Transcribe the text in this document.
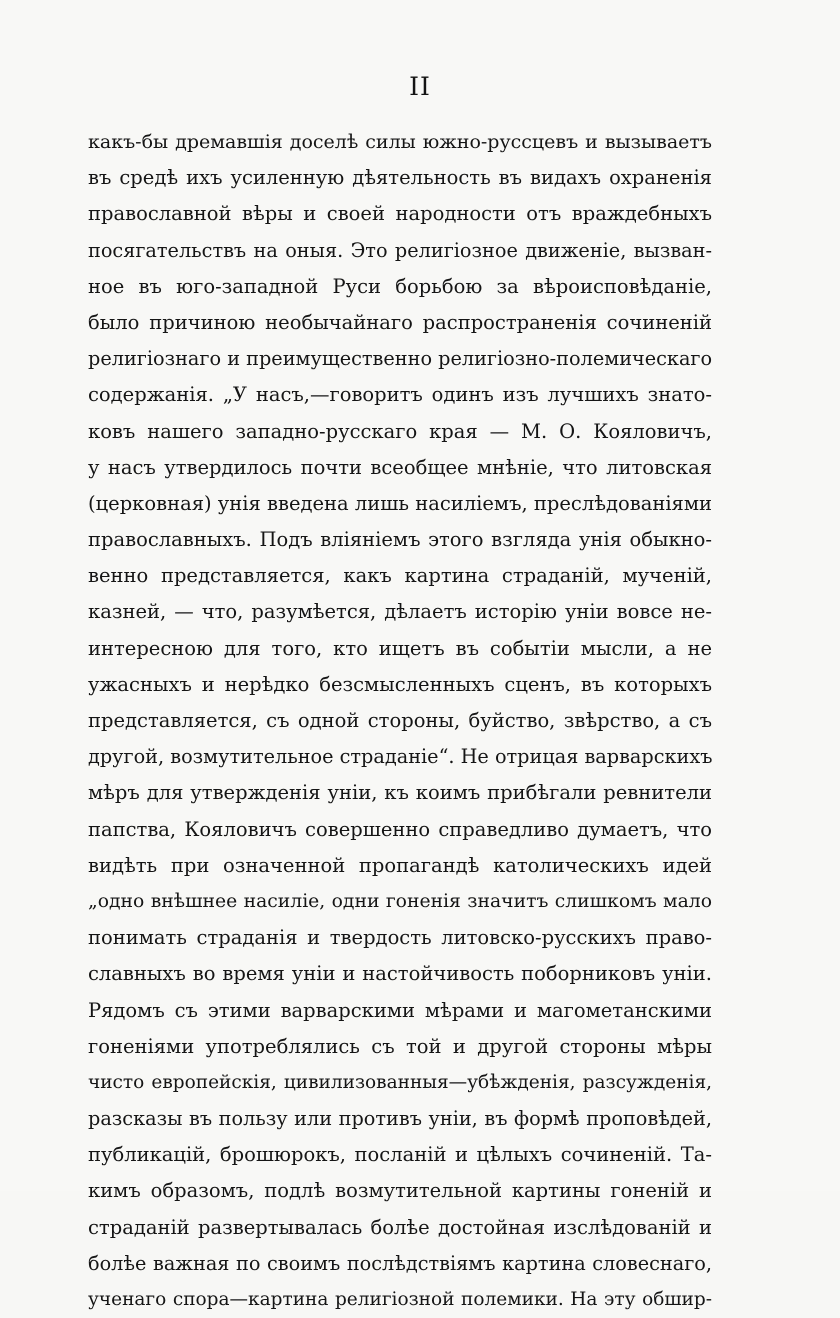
II
какъ-бы дремавшія доселѣ силы южно-руссцевъ и вызываетъ
въ средѣ ихъ усиленную дѣятельность въ видахъ охраненія
православной вѣры и своей народности отъ враждебныхъ
посягательствъ на оныя. Это религіозное движеніе, вызван-
ное въ юго-западной Руси борьбою за вѣроисповѣданіе,
было причиною необычайнаго распространенія сочиненій
религіознаго и преимущественно религіозно-полемическаго
содержанія. „У насъ,—говоритъ одинъ изъ лучшихъ знато-
ковъ нашего западно-русскаго края — М. О. Кояловичъ,
у насъ утвердилось почти всеобщее мнѣніе, что литовская
(церковная) унія введена лишь насиліемъ, преслѣдованіями
православныхъ. Подъ вліяніемъ этого взгляда унія обыкно-
венно представляется, какъ картина страданій, мученій,
казней, — что, разумѣется, дѣлаетъ исторію уніи вовсе не-
интересною для того, кто ищетъ въ событіи мысли, а не
ужасныхъ и нерѣдко безсмысленныхъ сценъ, въ которыхъ
представляется, съ одной стороны, буйство, звѣрство, а съ
другой, возмутительное страданіе“. Не отрицая варварскихъ
мѣръ для утвержденія уніи, къ коимъ прибѣгали ревнители
папства, Кояловичъ совершенно справедливо думаетъ, что
видѣть при означенной пропагандѣ католическихъ идей
„одно внѣшнее насиліе, одни гоненія значитъ слишкомъ мало
понимать страданія и твердость литовско-русскихъ право-
славныхъ во время уніи и настойчивость поборниковъ уніи.
Рядомъ съ этими варварскими мѣрами и магометанскими
гоненіями употреблялись съ той и другой стороны мѣры
чисто европейскія, цивилизованныя—убѣжденія, разсужденія,
разсказы въ пользу или противъ уніи, въ формѣ проповѣдей,
публикацій, брошюрокъ, посланій и цѣлыхъ сочиненій. Та-
кимъ образомъ, подлѣ возмутительной картины гоненій и
страданій развертывалась болѣе достойная изслѣдованій и
болѣе важная по своимъ послѣдствіямъ картина словеснаго,
ученаго спора—картина религіозной полемики. На эту обшир-
